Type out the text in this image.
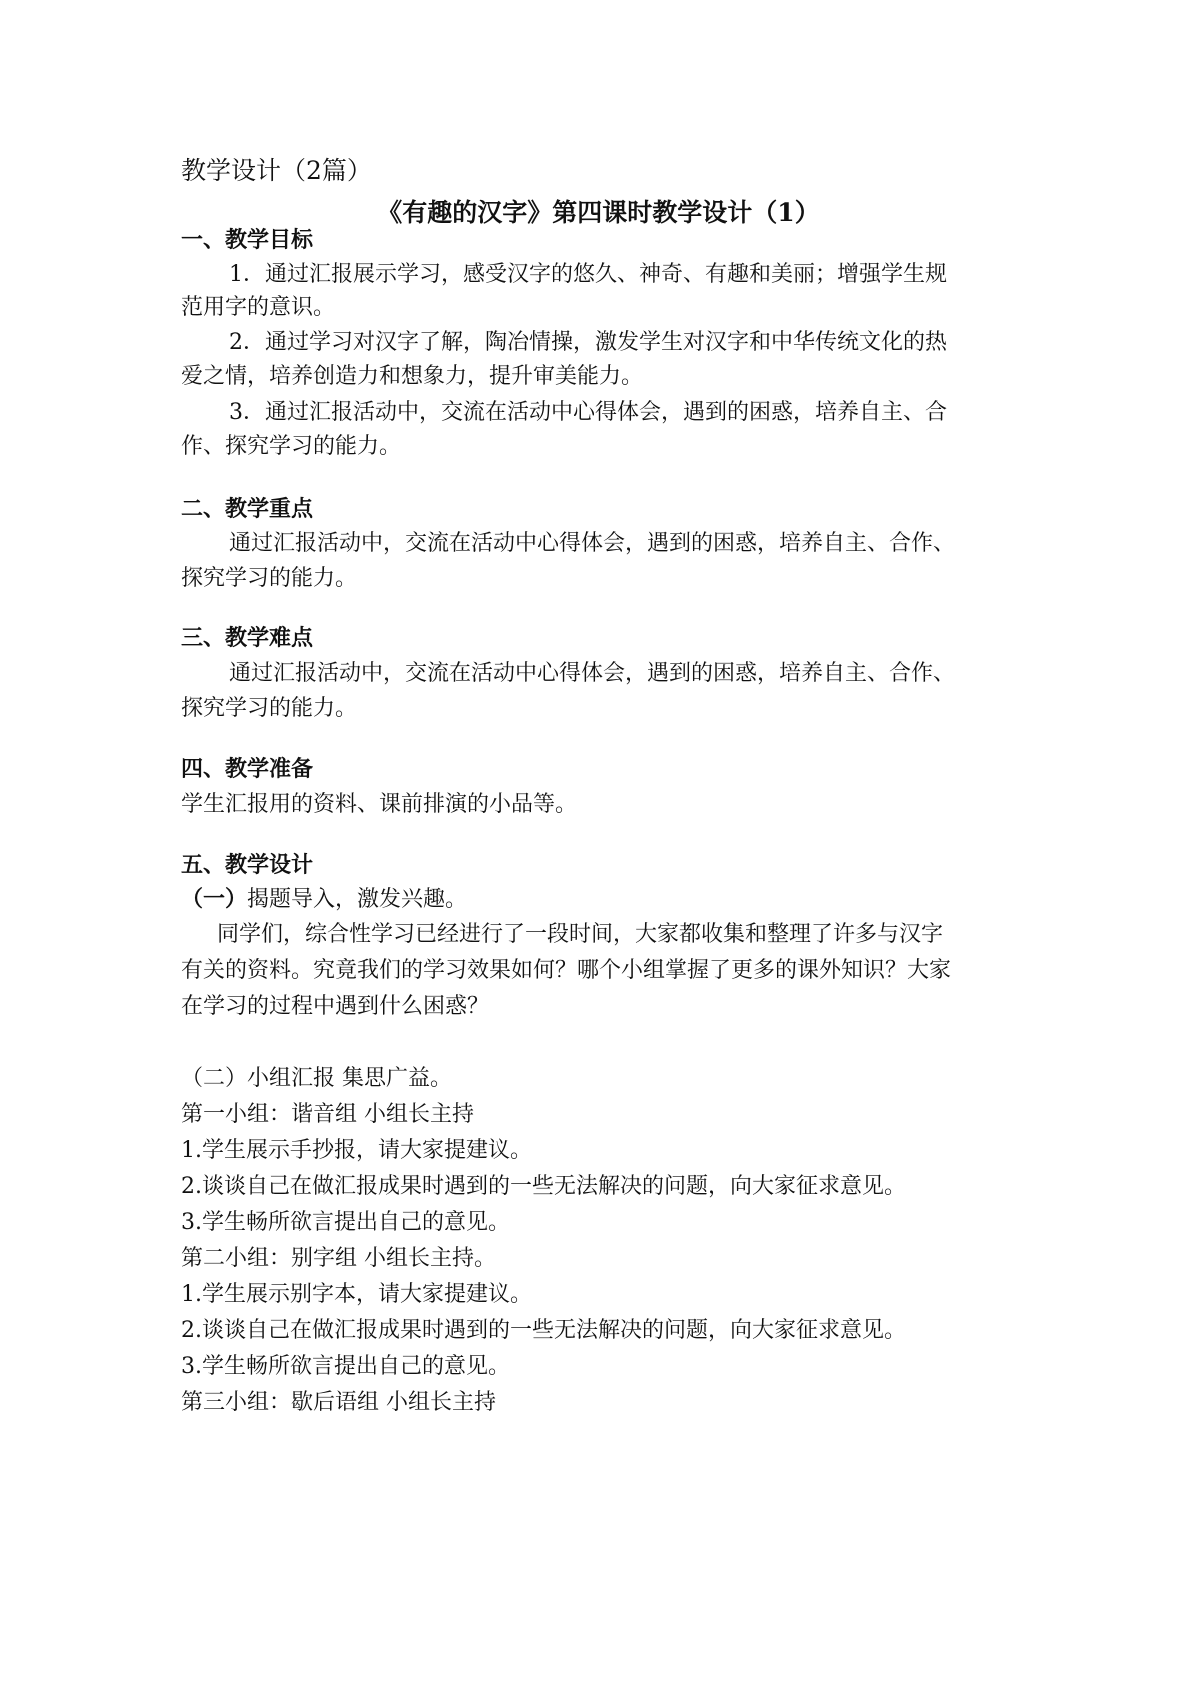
教学设计（2篇）
《有趣的汉字》第四课时教学设计（1）
一、教学目标
1．通过汇报展示学习，感受汉字的悠久、神奇、有趣和美丽；增强学生规
范用字的意识。
2．通过学习对汉字了解，陶冶情操，激发学生对汉字和中华传统文化的热
爱之情，培养创造力和想象力，提升审美能力。
3．通过汇报活动中，交流在活动中心得体会，遇到的困惑，培养自主、合
作、探究学习的能力。
二、教学重点
通过汇报活动中，交流在活动中心得体会，遇到的困惑，培养自主、合作、
探究学习的能力。
三、教学难点
通过汇报活动中，交流在活动中心得体会，遇到的困惑，培养自主、合作、
探究学习的能力。
四、教学准备
学生汇报用的资料、课前排演的小品等。
五、教学设计
（一）揭题导入，激发兴趣。
同学们，综合性学习已经进行了一段时间，大家都收集和整理了许多与汉字
有关的资料。究竟我们的学习效果如何？哪个小组掌握了更多的课外知识？大家
在学习的过程中遇到什么困惑？
（二）小组汇报 集思广益。
第一小组：谐音组 小组长主持
1.学生展示手抄报，请大家提建议。
2.谈谈自己在做汇报成果时遇到的一些无法解决的问题，向大家征求意见。
3.学生畅所欲言提出自己的意见。
第二小组：别字组 小组长主持。
1.学生展示别字本，请大家提建议。
2.谈谈自己在做汇报成果时遇到的一些无法解决的问题，向大家征求意见。
3.学生畅所欲言提出自己的意见。
第三小组：歇后语组 小组长主持
